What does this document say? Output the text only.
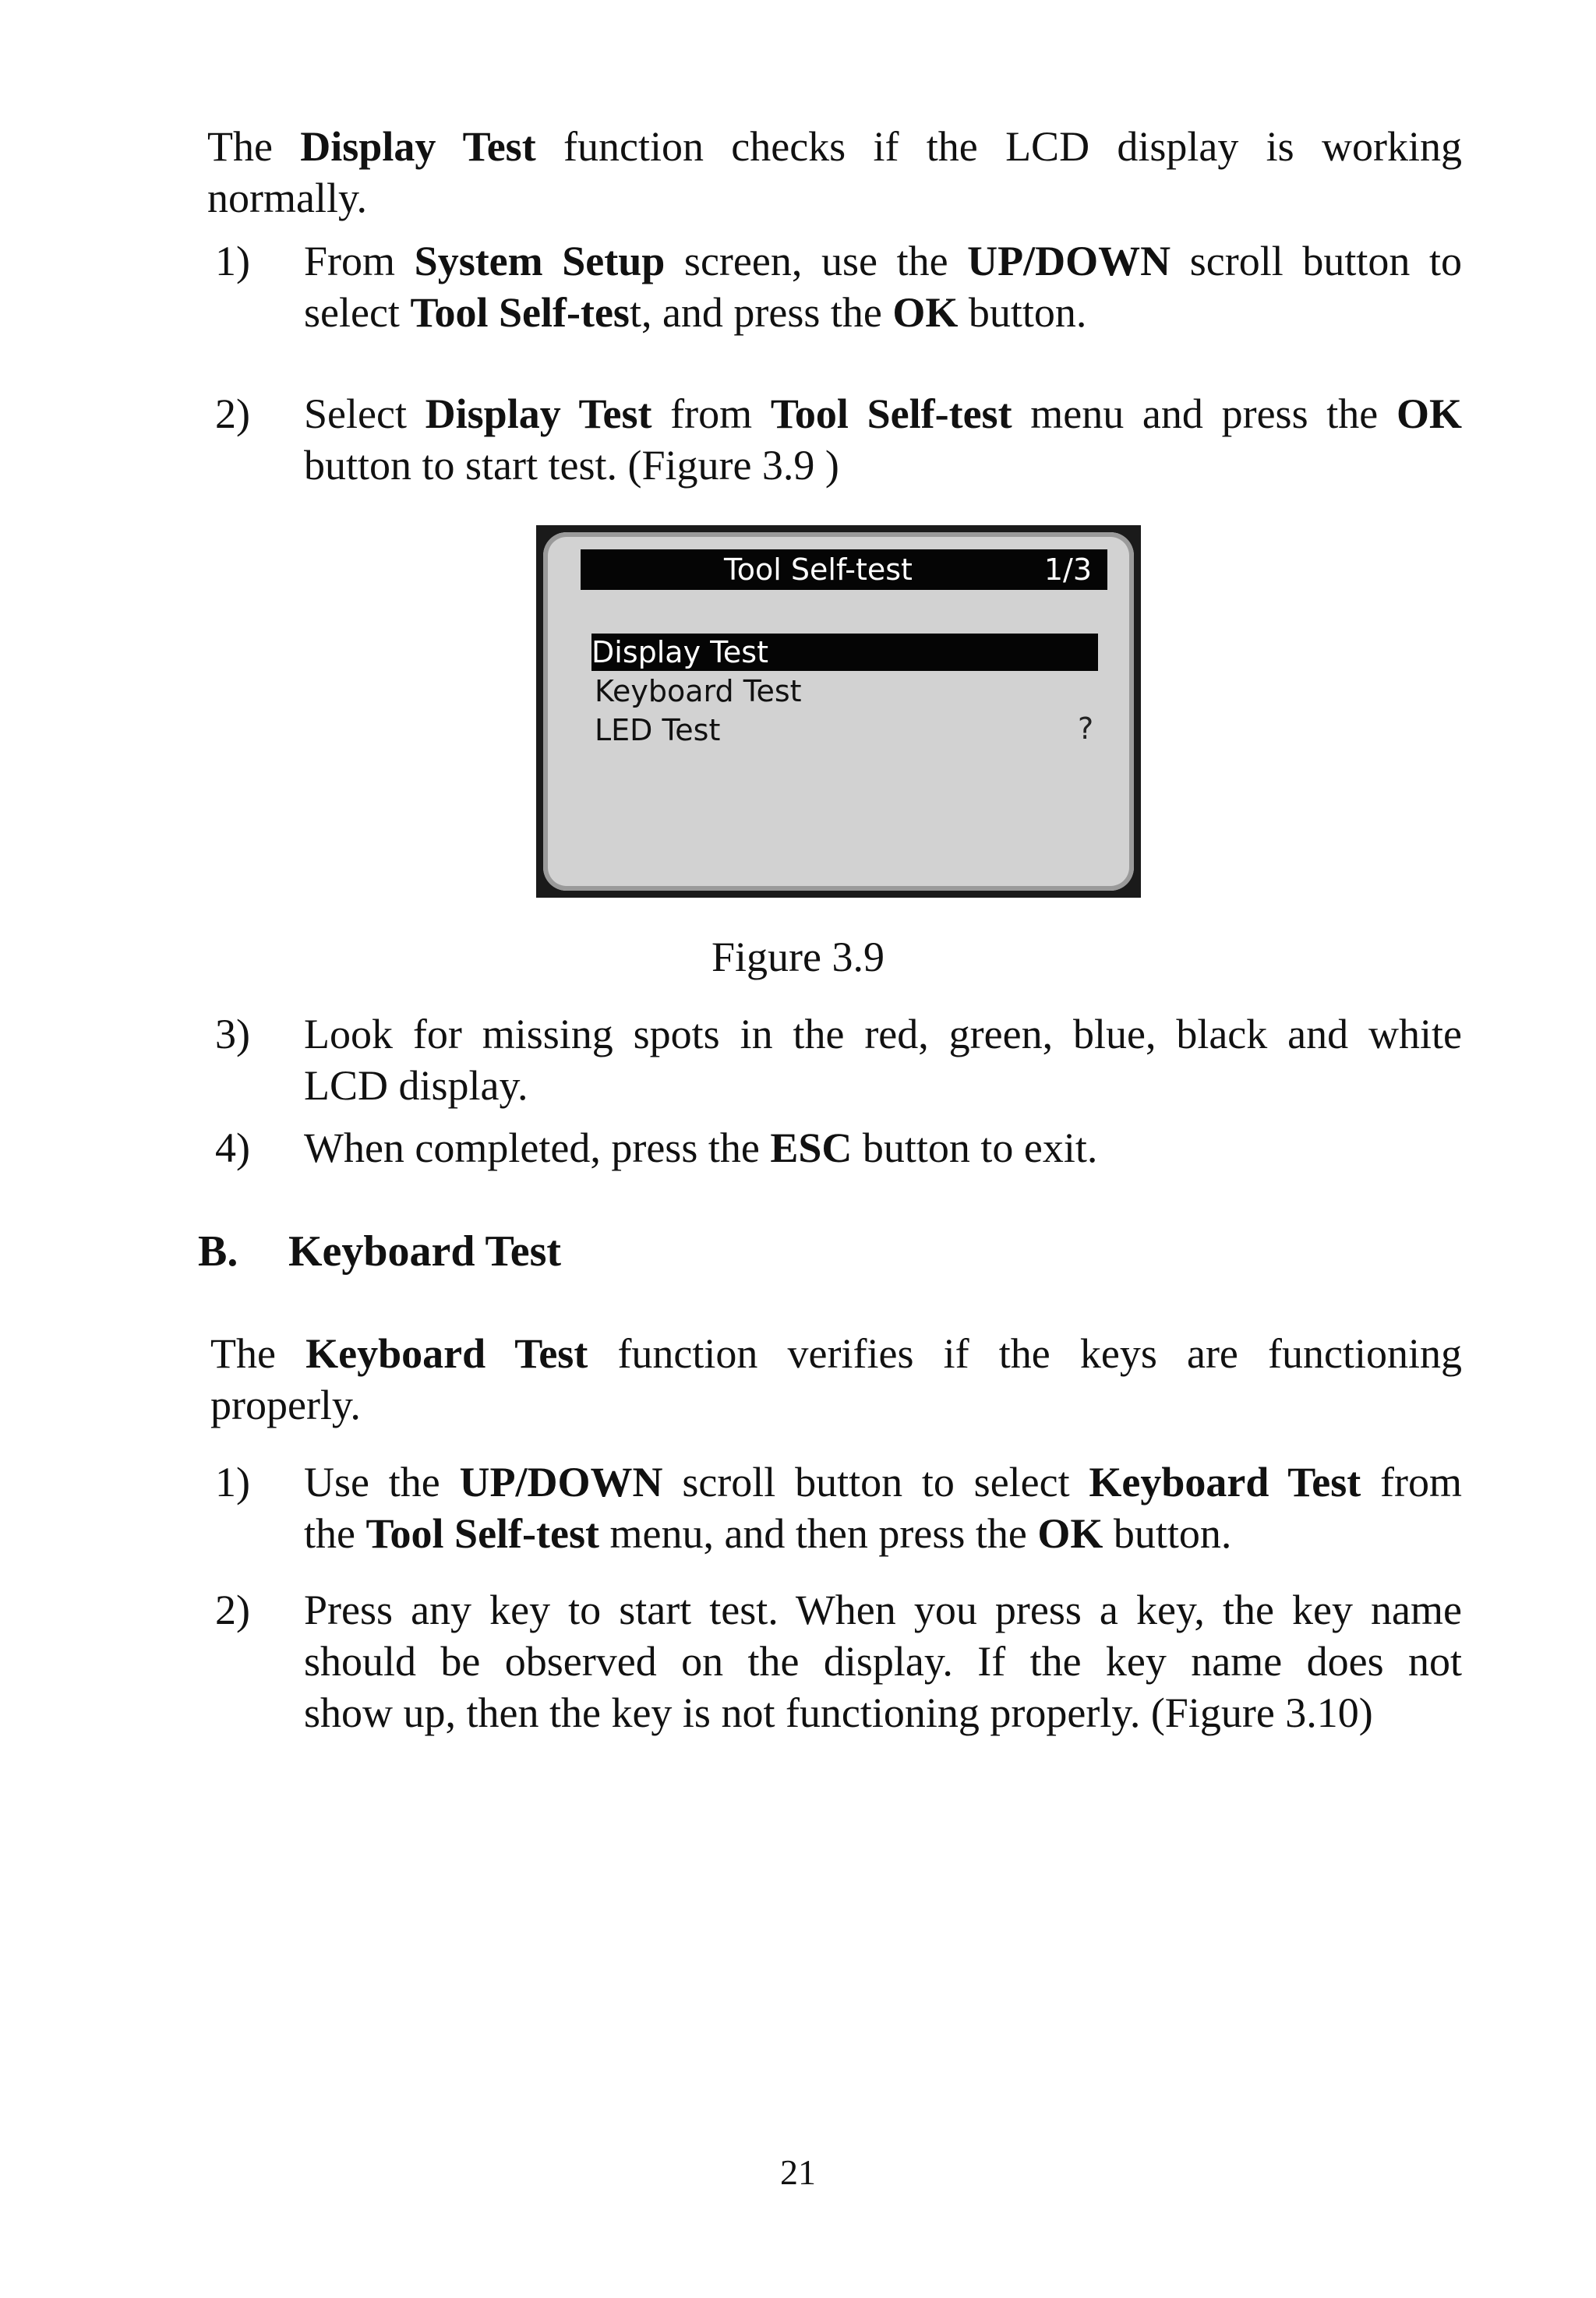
The Display Test function checks if the LCD display is working
normally.
1) From System Setup screen, use the UP/DOWN scroll button to
select Tool Self-test, and press the OK button.
2) Select Display Test from Tool Self-test menu and press the OK
button to start test. (Figure 3.9 )
Tool Self-test	1/3
Display Test
Keyboard Test
LED Test	?
Figure 3.9
3) Look for missing spots in the red, green, blue, black and white
LCD display.
4) When completed, press the ESC button to exit.
B. Keyboard Test
The Keyboard Test function verifies if the keys are functioning
properly.
1) Use the UP/DOWN scroll button to select Keyboard Test from
the Tool Self-test menu, and then press the OK button.
2) Press any key to start test. When you press a key, the key name
should be observed on the display. If the key name does not
show up, then the key is not functioning properly. (Figure 3.10)
21
